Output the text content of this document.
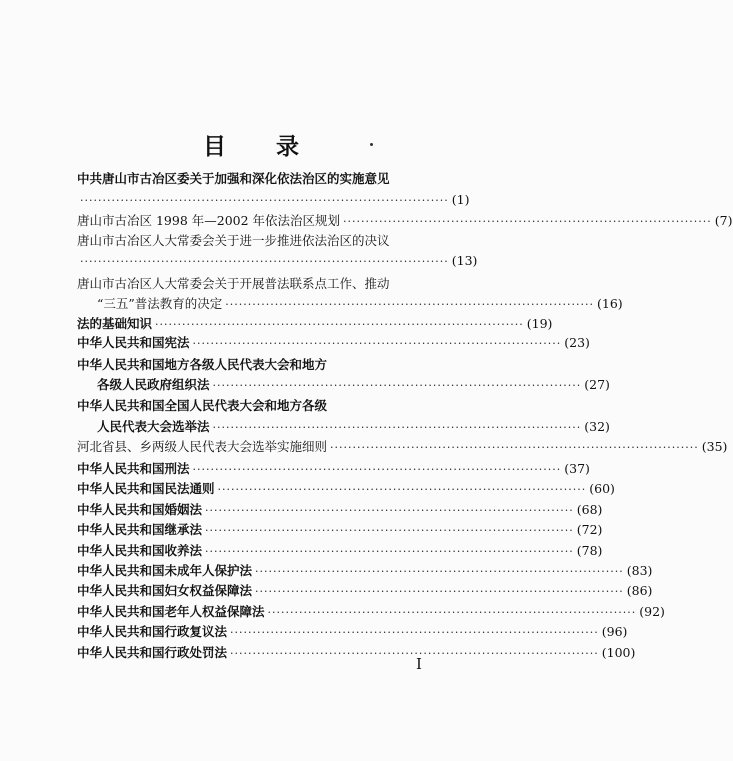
目 录
中共唐山市古冶区委关于加强和深化依法治区的实施意见
·················································································· (1)
唐山市古冶区 1998 年—2002 年依法治区规划 ·················································································· (7)
唐山市古冶区人大常委会关于进一步推进依法治区的决议
·················································································· (13)
唐山市古冶区人大常委会关于开展普法联系点工作、推动
“三五”普法教育的决定 ·················································································· (16)
法的基础知识 ·················································································· (19)
中华人民共和国宪法 ·················································································· (23)
中华人民共和国地方各级人民代表大会和地方
各级人民政府组织法 ·················································································· (27)
中华人民共和国全国人民代表大会和地方各级
人民代表大会选举法 ·················································································· (32)
河北省县、乡两级人民代表大会选举实施细则 ·················································································· (35)
中华人民共和国刑法 ·················································································· (37)
中华人民共和国民法通则 ·················································································· (60)
中华人民共和国婚姻法 ·················································································· (68)
中华人民共和国继承法 ·················································································· (72)
中华人民共和国收养法 ·················································································· (78)
中华人民共和国未成年人保护法 ·················································································· (83)
中华人民共和国妇女权益保障法 ·················································································· (86)
中华人民共和国老年人权益保障法 ·················································································· (92)
中华人民共和国行政复议法 ·················································································· (96)
中华人民共和国行政处罚法 ·················································································· (100)
I
